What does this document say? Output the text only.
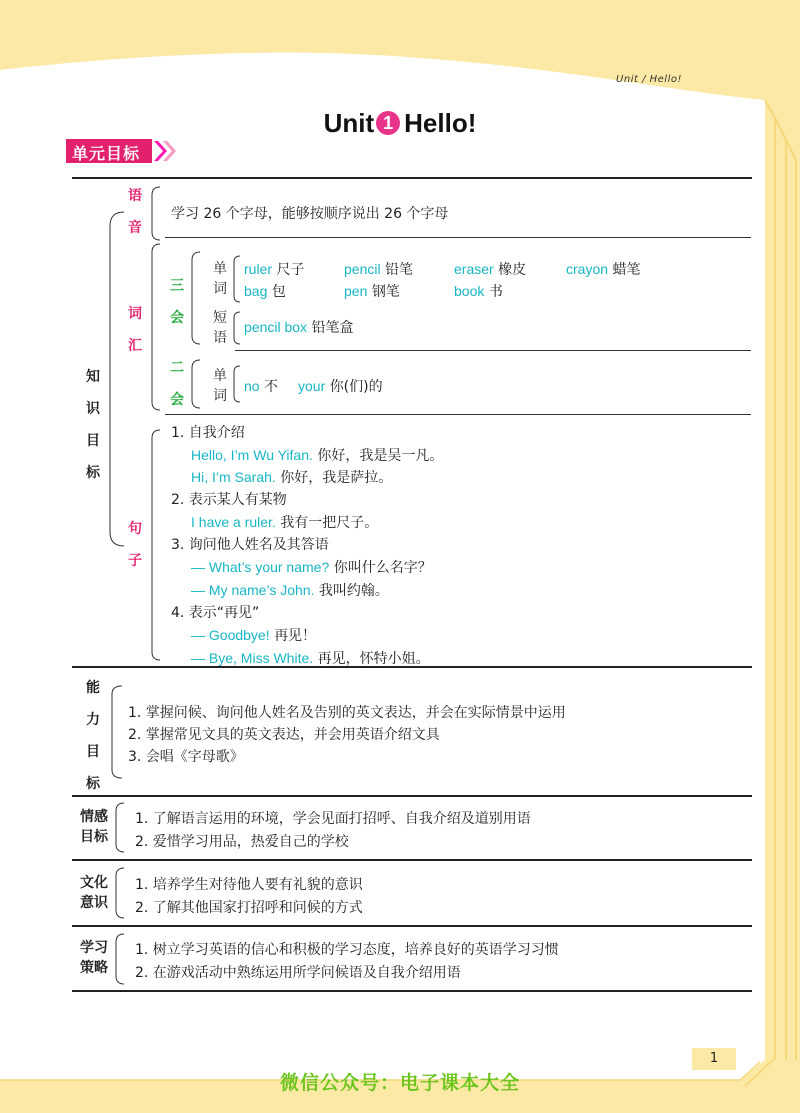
Unit / Hello!
Unit 1 Hello!
单元目标
知
识
目
标
语
音
学习 26 个字母，能够按顺序说出 26 个字母
词
汇
三
会
二
会
单
词
ruler 尺子	pencil 铅笔	eraser 橡皮	crayon 蜡笔
bag 包	pen 钢笔	book 书
短
语
pencil box 铅笔盒
单
词
no 不 your 你(们)的
句
子
1. 自我介绍
Hello, I’m Wu Yifan. 你好，我是吴一凡。
Hi, I’m Sarah. 你好，我是萨拉。
2. 表示某人有某物
I have a ruler. 我有一把尺子。
3. 询问他人姓名及其答语
— What’s your name? 你叫什么名字？
— My name’s John. 我叫约翰。
4. 表示“再见”
— Goodbye! 再见！
— Bye, Miss White. 再见，怀特小姐。
能
力
目
标
1. 掌握问候、询问他人姓名及告别的英文表达，并会在实际情景中运用
2. 掌握常见文具的英文表达，并会用英语介绍文具
3. 会唱《字母歌》
情感
目标
1. 了解语言运用的环境，学会见面打招呼、自我介绍及道别用语
2. 爱惜学习用品，热爱自己的学校
文化
意识
1. 培养学生对待他人要有礼貌的意识
2. 了解其他国家打招呼和问候的方式
学习
策略
1. 树立学习英语的信心和积极的学习态度，培养良好的英语学习习惯
2. 在游戏活动中熟练运用所学问候语及自我介绍用语
1
微信公众号：电子课本大全
